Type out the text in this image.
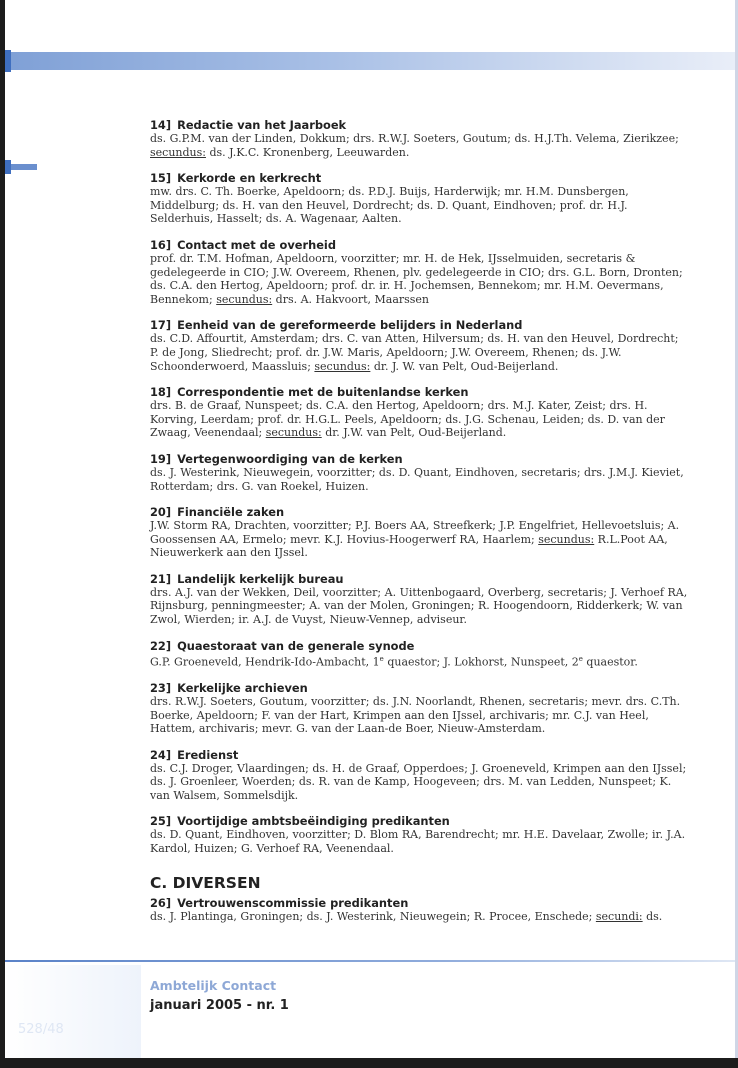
14] Redactie van het Jaarboek

ds. G.P.M. van der Linden, Dokkum; drs. R.W.J. Soeters, Goutum; ds. H.J.Th. Velema, Zierikzee; secundus: ds. J.K.C. Kronenberg, Leeuwarden.

15] Kerkorde en kerkrecht

mw. drs. C. Th. Boerke, Apeldoorn; ds. P.D.J. Buijs, Harderwijk; mr. H.M. Dunsbergen, Middelburg; ds. H. van den Heuvel, Dordrecht; ds. D. Quant, Eindhoven; prof. dr. H.J. Selderhuis, Hasselt; ds. A. Wagenaar, Aalten.

16] Contact met de overheid

prof. dr. T.M. Hofman, Apeldoorn, voorzitter; mr. H. de Hek, IJsselmuiden, secretaris & gedelegeerde in CIO; J.W. Overeem, Rhenen, plv. gedelegeerde in CIO; drs. G.L. Born, Dronten; ds. C.A. den Hertog, Apeldoorn; prof. dr. ir. H. Jochemsen, Bennekom; mr. H.M. Oevermans, Bennekom; secundus: drs. A. Hakvoort, Maarssen

17] Eenheid van de gereformeerde belijders in Nederland

ds. C.D. Affourtit, Amsterdam; drs. C. van Atten, Hilversum; ds. H. van den Heuvel, Dordrecht; P. de Jong, Sliedrecht; prof. dr. J.W. Maris, Apeldoorn; J.W. Overeem, Rhenen; ds. J.W. Schoonderwoerd, Maassluis; secundus: dr. J. W. van Pelt, Oud-Beijerland.

18] Correspondentie met de buitenlandse kerken

drs. B. de Graaf, Nunspeet; ds. C.A. den Hertog, Apeldoorn; drs. M.J. Kater, Zeist; drs. H. Korving, Leerdam; prof. dr. H.G.L. Peels, Apeldoorn; ds. J.G. Schenau, Leiden; ds. D. van der Zwaag, Veenendaal; secundus: dr. J.W. van Pelt, Oud-Beijerland.

19] Vertegenwoordiging van de kerken

ds. J. Westerink, Nieuwegein, voorzitter; ds. D. Quant, Eindhoven, secretaris; drs. J.M.J. Kieviet, Rotterdam; drs. G. van Roekel, Huizen.

20] Financiële zaken

J.W. Storm RA, Drachten, voorzitter; P.J. Boers AA, Streefkerk; J.P. Engelfriet, Hellevoetsluis; A. Goossensen AA, Ermelo; mevr. K.J. Hovius-Hoogerwerf RA, Haarlem; secundus: R.L.Poot AA, Nieuwerkerk aan den IJssel.

21] Landelijk kerkelijk bureau

drs. A.J. van der Wekken, Deil, voorzitter; A. Uittenbogaard, Overberg, secretaris; J. Verhoef RA, Rijnsburg, penningmeester; A. van der Molen, Groningen; R. Hoogendoorn, Ridderkerk; W. van Zwol, Wierden; ir. A.J. de Vuyst, Nieuw-Vennep, adviseur.

22] Quaestoraat van de generale synode

G.P. Groeneveld, Hendrik-Ido-Ambacht, 1e quaestor; J. Lokhorst, Nunspeet, 2e quaestor.

23] Kerkelijke archieven

drs. R.W.J. Soeters, Goutum, voorzitter; ds. J.N. Noorlandt, Rhenen, secretaris; mevr. drs. C.Th. Boerke, Apeldoorn; F. van der Hart, Krimpen aan den IJssel, archivaris; mr. C.J. van Heel, Hattem, archivaris; mevr. G. van der Laan-de Boer, Nieuw-Amsterdam.

24] Eredienst

ds. C.J. Droger, Vlaardingen; ds. H. de Graaf, Opperdoes; J. Groeneveld, Krimpen aan den IJssel; ds. J. Groenleer, Woerden; ds. R. van de Kamp, Hoogeveen; drs. M. van Ledden, Nunspeet; K. van Walsem, Sommelsdijk.

25] Voortijdige ambtsbeëindiging predikanten

ds. D. Quant, Eindhoven, voorzitter; D. Blom RA, Barendrecht; mr. H.E. Davelaar, Zwolle; ir. J.A. Kardol, Huizen; G. Verhoef RA, Veenendaal.

C. DIVERSEN
26] Vertrouwenscommissie predikanten

ds. J. Plantinga, Groningen; ds. J. Westerink, Nieuwegein; R. Procee, Enschede; secundi: ds.

528/48
Ambtelijk Contact
januari 2005 - nr. 1
